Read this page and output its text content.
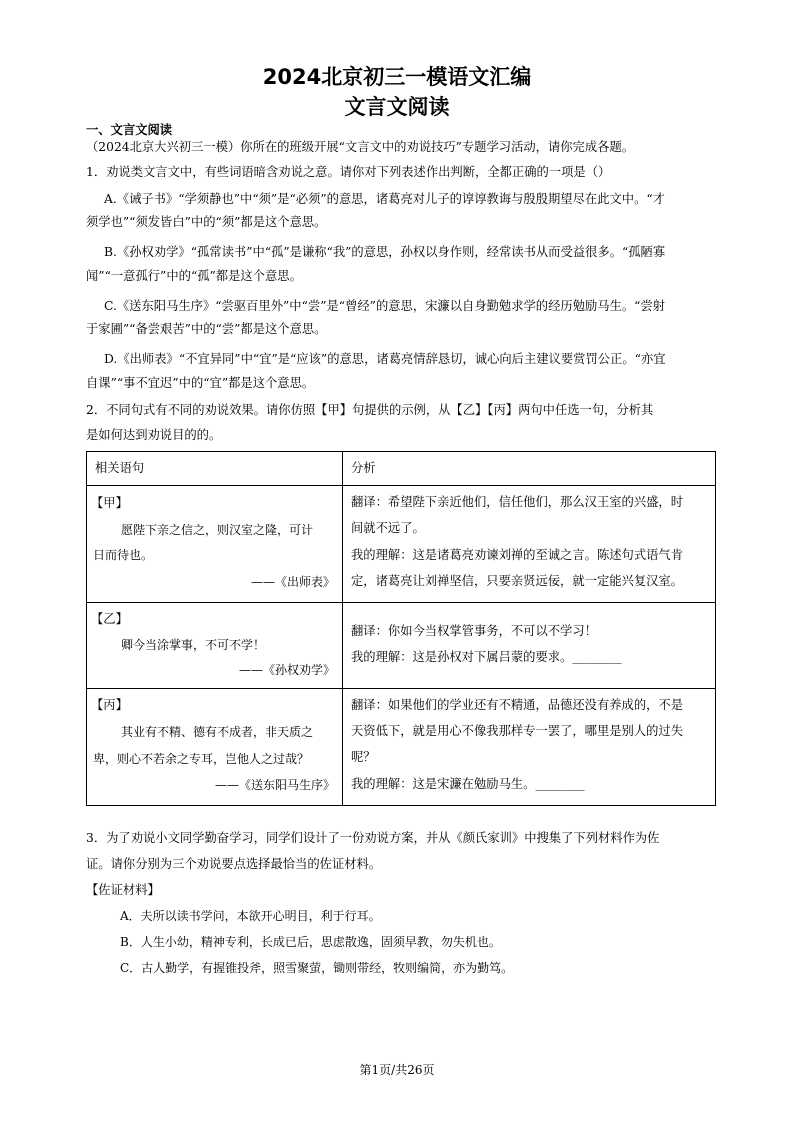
2024北京初三一模语文汇编
文言文阅读
一、文言文阅读
（2024北京大兴初三一模）你所在的班级开展“文言文中的劝说技巧”专题学习活动，请你完成各题。
1．劝说类文言文中，有些词语暗含劝说之意。请你对下列表述作出判断，全都正确的一项是（）
A.《诫子书》“学须静也”中“须”是“必须”的意思，诸葛亮对儿子的谆谆教诲与殷殷期望尽在此文中。“才
须学也”“须发皆白”中的“须”都是这个意思。
B.《孙权劝学》“孤常读书”中“孤”是谦称“我”的意思，孙权以身作则，经常读书从而受益很多。“孤陋寡
闻”“一意孤行”中的“孤”都是这个意思。
C.《送东阳马生序》“尝驱百里外”中“尝”是“曾经”的意思，宋濂以自身勤勉求学的经历勉励马生。“尝射
于家圃”“备尝艰苦”中的“尝”都是这个意思。
D.《出师表》“不宜异同”中“宜”是“应该”的意思，诸葛亮情辞恳切，诚心向后主建议要赏罚公正。“亦宜
自课”“事不宜迟”中的“宜”都是这个意思。
2．不同句式有不同的劝说效果。请你仿照【甲】句提供的示例，从【乙】【丙】两句中任选一句，分析其
是如何达到劝说目的的。
相关语句	分析
【甲】
愿陛下亲之信之，则汉室之隆，可计
日而待也。
——《出师表》
翻译：希望陛下亲近他们，信任他们，那么汉王室的兴盛，时
间就不远了。
我的理解：这是诸葛亮劝谏刘禅的至诚之言。陈述句式语气肯
定，诸葛亮让刘禅坚信，只要亲贤远佞，就一定能兴复汉室。
【乙】
卿今当涂掌事，不可不学！
——《孙权劝学》
翻译：你如今当权掌管事务，不可以不学习！
我的理解：这是孙权对下属吕蒙的要求。________
【丙】
其业有不精、德有不成者，非天质之
卑，则心不若余之专耳，岂他人之过哉？
——《送东阳马生序》
翻译：如果他们的学业还有不精通，品德还没有养成的，不是
天资低下，就是用心不像我那样专一罢了，哪里是别人的过失
呢？
我的理解：这是宋濂在勉励马生。________
3．为了劝说小文同学勤奋学习，同学们设计了一份劝说方案，并从《颜氏家训》中搜集了下列材料作为佐
证。请你分别为三个劝说要点选择最恰当的佐证材料。
【佐证材料】
A．夫所以读书学问，本欲开心明目，利于行耳。
B．人生小幼，精神专利，长成已后，思虑散逸，固须早教，勿失机也。
C．古人勤学，有握锥投斧，照雪聚萤，锄则带经，牧则编简，亦为勤笃。
第1页/共26页
